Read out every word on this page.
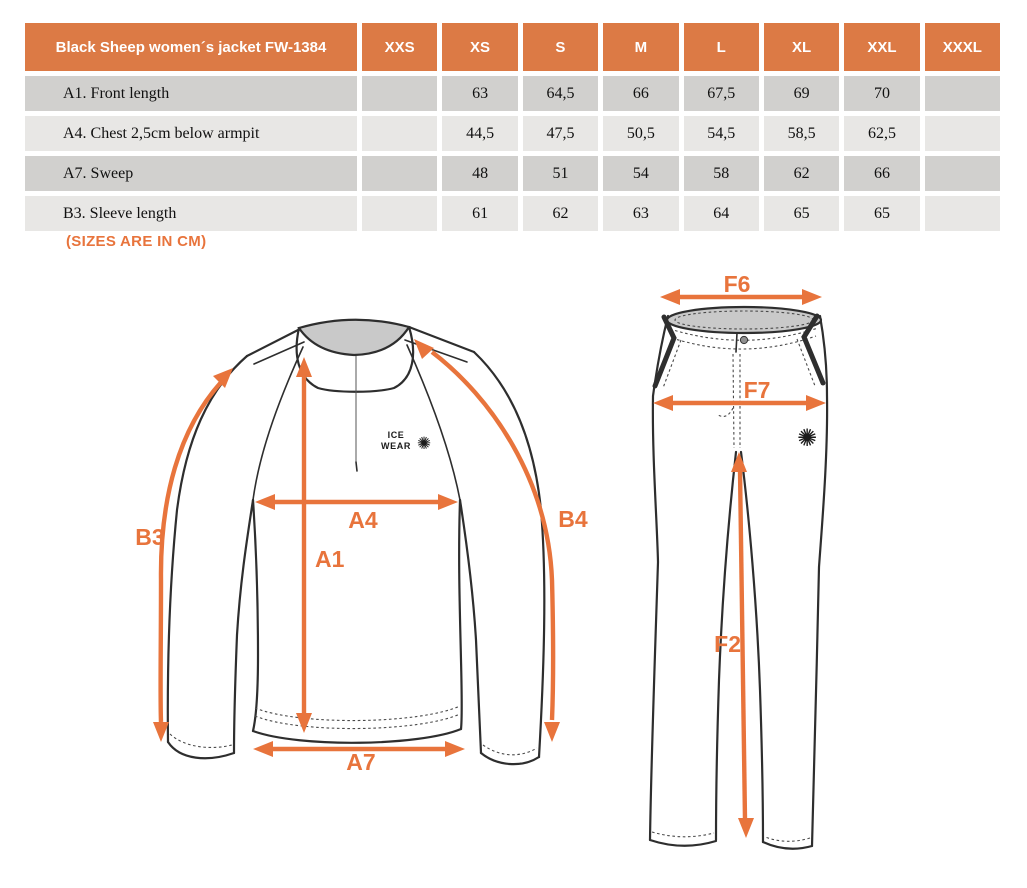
Black Sheep women´s jacket FW-1384	XXS	XS	S	M	L	XL	XXL	XXXL
A1. Front length		63	64,5	66	67,5	69	70	
A4. Chest 2,5cm below armpit		44,5	47,5	50,5	54,5	58,5	62,5	
A7. Sweep		48	51	54	58	62	66	
B3. Sleeve length		61	62	63	64	65	65	
(SIZES ARE IN CM)
ICE
WEAR ✺
A4
A1
A7
B3
B4
✺
F6
F7
F2
